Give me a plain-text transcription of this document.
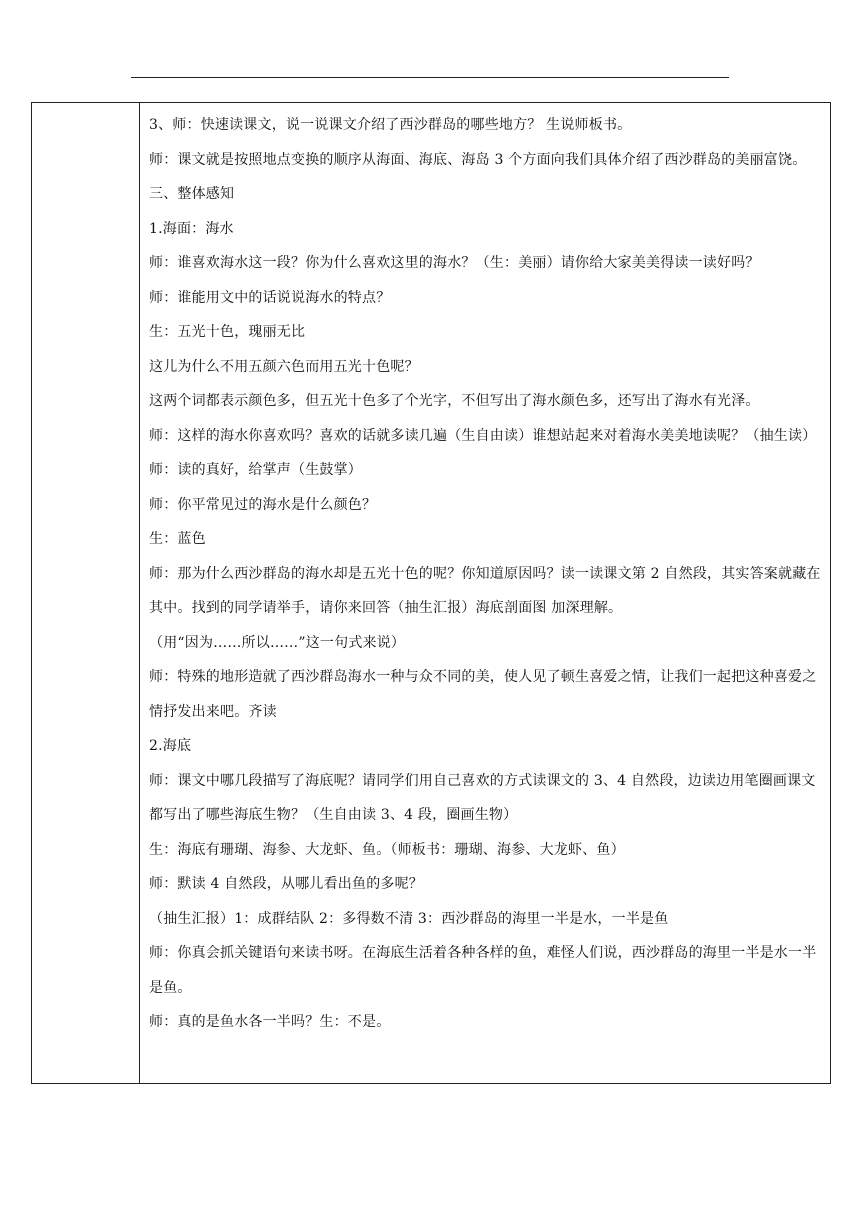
3、师：快速读课文，说一说课文介绍了西沙群岛的哪些地方？ 生说师板书。

师：课文就是按照地点变换的顺序从海面、海底、海岛 3 个方面向我们具体介绍了西沙群岛的美丽富饶。

三、整体感知

1.海面：海水

师：谁喜欢海水这一段？你为什么喜欢这里的海水？（生：美丽）请你给大家美美得读一读好吗？

师：谁能用文中的话说说海水的特点？

生：五光十色，瑰丽无比

这儿为什么不用五颜六色而用五光十色呢？

这两个词都表示颜色多，但五光十色多了个光字，不但写出了海水颜色多，还写出了海水有光泽。

师：这样的海水你喜欢吗？喜欢的话就多读几遍（生自由读）谁想站起来对着海水美美地读呢？（抽生读）

师：读的真好，给掌声（生鼓掌）

师：你平常见过的海水是什么颜色？

生：蓝色

师：那为什么西沙群岛的海水却是五光十色的呢？你知道原因吗？读一读课文第 2 自然段，其实答案就藏在其中。找到的同学请举手，请你来回答（抽生汇报）海底剖面图 加深理解。

（用“因为……所以……”这一句式来说）

师：特殊的地形造就了西沙群岛海水一种与众不同的美，使人见了顿生喜爱之情，让我们一起把这种喜爱之情抒发出来吧。齐读

2.海底

师：课文中哪几段描写了海底呢？请同学们用自己喜欢的方式读课文的 3、4 自然段，边读边用笔圈画课文都写出了哪些海底生物？（生自由读 3、4 段，圈画生物）

生：海底有珊瑚、海参、大龙虾、鱼。（师板书：珊瑚、海参、大龙虾、鱼）

师：默读 4 自然段，从哪儿看出鱼的多呢？

（抽生汇报）1：成群结队 2：多得数不清 3：西沙群岛的海里一半是水，一半是鱼

师：你真会抓关键语句来读书呀。在海底生活着各种各样的鱼，难怪人们说，西沙群岛的海里一半是水一半是鱼。

师：真的是鱼水各一半吗？生：不是。
